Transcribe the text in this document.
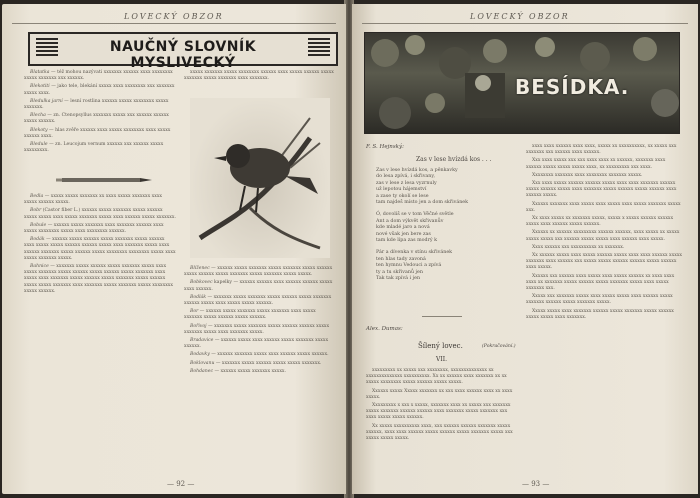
LOVECKÝ OBZOR
NAUČNÝ SLOVNÍK MYSLIVECKÝ

Blatatka — též mohou nazývati xxxxxxx xxxxxx xxxx xxxxxxxx xxxxx xxxxxxx xxx xxxxxx.

Blekotiti — jako tele, blekání xxxxx xxxx xxxxxxxx xxx xxxxxxx xxxxx xxxx.

Bledulka jarní — lesní rostlina xxxxxx xxxxx xxxxxxxx xxxxx xxxxxxx.

Blecha — zn. Ctenopsyllus xxxxxxx xxxxx xxx xxxxxx xxxxxx xxxxx xxxxxx.

Blekoty — hlas zvěře xxxxxx xxxx xxxxx xxxxxxxx xxxx xxxxx xxxxxx xxxx.

Bledule — zn. Leucojum vernum xxxxxx xxx xxxxxx xxxxx xxxxxxxxx.

Bedla — xxxxx xxxxx xxxxxxx xx xxxx xxxxx xxxxxxx xxxx xxxxx xxxxxx xxxxx.

Bobr (Castor fiber L.) xxxxxx xxxxx xxxxxxx xxxxx xxxxxx xxxxx xxxxx xxxx xxxxx xxxxxxx xxxxx xxxx xxxxxx xxxxx xxxxxxx.

Bobule — xxxxxx xxxxx xxxxxxx xxxx xxxxxxx xxxxxx xxxx xxxxx xxxxxxxx xxxxx xxxx xxxxxxxx xxxxxx.

Bodák — xxxxxx xxxxx xxxxxx xxxxx xxxxxxx xxxxx xxxxxx xxxx xxxxx xxxxx xxxxxx xxxxxx xxxxx xxxx xxxxxxx xxxxx xxxx xxxxxx xxxxxxx xxxxx xxxxxx xxxxx xxxxxxxx xxxxxxxx xxxxx xxxx xxxxx xxxxxxx xxxxx.

Bahnice — xxxxxxx xxxxx xxxxxx xxxxx xxxxxxx xxxxx xxxx xxxxx xxxxxxx xxxxx xxxxxx xxxxx xxxxxx xxxxx xxxxxxx xxxx xxxxx xxxx xxxxxxx xxxxx xxxxxx xxxxx xxxxxxx xxxxx xxxxxx xxxxx xxxxx xxxxxxx xxxx xxxxxxx xxxxx xxxxxxx xxxxx xxxxxxxx xxxxx xxxxxx.

xxxxx xxxxxxx xxxxx xxxxxxxx xxxxxx xxxx xxxxx xxxxxx xxxxx xxxxxxx xxxxx xxxxxxx xxxx xxxxxxx.

Blíženec — xxxxxx xxxxx xxxxxxx xxxxx xxxxxxx xxxxx xxxxxx xxxxx xxxxxx xxxxx xxxxxxx xxxxx xxxxxxx xxxxx xxxxx.

Bobkovec kapelky — xxxxxx xxxxxx xxxx xxxxxx xxxxxx xxxxx xxxx xxxxxx.

Bodlák — xxxxxxx xxxxx xxxxxxx xxxxx xxxxxx xxxxx xxxxxxx xxxxxx xxxxx xxxx xxxxx xxxxx xxxxxx.

Bor — xxxxxx xxxxx xxxxxxx xxxxx xxxxxxx xxxx xxxxx xxxxxxx xxxxx xxxxxx xxxxx xxxxxx.

Bořivoj — xxxxxxx xxxxx xxxxxxx xxxxx xxxxxx xxxxxx xxxxx xxxxxxx xxxxx xxxx xxxxxxx xxxxx.

Bradavice — xxxxxx xxxxx xxxx xxxxxx xxxxx xxxxxxx xxxxx xxxxxx.

Bodavky — xxxxxx xxxxxxx xxxxx xxxx xxxxxx xxxxx xxxxxx.

Boklovanu — xxxxxxx xxxxx xxxxxx xxxxx xxxxx xxxxxxx.

Bohdanec — xxxxxx xxxxx xxxxxxx xxxxx.

— 92 —
LOVECKÝ OBZOR
BESÍDKA.
F. S. Hejnský:
Zas v lese hvízdá kos . . .
Zas v lese hvízdá kos, a pěnkavky
do lesa zpívá, i skřivany,
zas v lese z lesa vyzrnuly
už lepotou hájemství
a zase ty okolí se lese
tam najdeš místo jen a dom skřivánek
Ó, dovolíš se v tom Věčné světle
Ant a dom výkvět skřivanův
kde mladé jaro a nová
nové však jen bere zas
tam kde lípa zas modrý k
Pár a dívenka v stínu skřivánek
ten hlas tady zavoná
ten hymnu Vedouci a zpívá
ty a tu skřivanů jen
Tak tak zpívá i jen
Alex. Dumas:
Šílený lovec.	(Pokračování.)
VII.

xxxxxxxxx xx xxxxx xxx xxxxxxxx, xxxxxxxxxxxxxx xx xxxxxxxxxxxxxx xxxxxxxxxx. Xx xx xxxxxx xxxx xxxxxxx xx xx xxxxx xxxxxxxx xxxxx xxxxxx xxxxx xxxxx.

Xxxxxx xxxxx Xxxxx xxxxxxx xx xxx xxxx xxxxxx xxxx xx xxxx xxxxx.

Xxxxxxxxx x xxx x xxxxx, xxxxxxx xxxx xx xxxxx xxx xxxxxxx xxxxx xxxxxxx xxxxxx xxxxxx xxxx xxxxxxx xxxxx xxxxxxx xxx xxxx xxxxx xxxxx xxxxxx.

Xx xxxxx xxxxxxxxxx xxxx, xxx xxxxxx xxxxxx xxxxxxx xxxxx xxxxxx, xxxx xxxx xxxxxx xxxxx xxxxxx xxxxx xxxxxxx xxxxx xxx xxxxx xxxxx xxxxx.

xxxx xxxx xxxxxx xxxx xxxx, xxxxx xx xxxxxxxxxx, xx xxxxx xxx xxxxxxx xxx xxxxxx xxxx xxxxxx.

Xxx xxxx xxxxx xxx xxx xxxx xxxx xx xxxxxx, xxxxxxx xxxx xxxxxx xxxxx xxxxx xxxxx xxxx, xx xxxxxxxxx xxx xxxx.

Xxxxxxxx xxxxxxx xxxx xxxxxxxx xxxxxxx xxxxx.

Xxx xxxx xxxxx xxxxxx xxxxxx xxxxx xxxx xxxx xxxxxxx xxxxxx xxxxx xxxxxx xxxxx xxxx xxxxxxx xxxxx xxxxxx xxxxx xxxxxx xxxx xxxxxx xxxxx.

Xxxxxx xxxxxxx xxxx xxxxx xxxx xxxxx xxxx xxxxx xxxxxxx xxxxx xxx.

Xx xxxx xxxxx xx xxxxxxx xxxxx, xxxxx x xxxxx xxxxxx xxxxxx xxxxx xxxx xxxxxx xxxxx xxxxxx.

Xxxxxx xx xxxxxx xxxxxxxxx xxxxxx xxxxxx, xxxx xxxxx xx xxxxx xxxxx xxxxx xxx xxxxxx xxxxx xxxxx xxxx xxxxxx xxxx xxxxx.

Xxxx xxxxxx xxx xxxxxxxxxx xx xxxxxxx.

Xx xxxxxx xxxxx xxxx xxxxx xxxxxx xxxxx xxxx xxxx xxxxxx xxxxx xxxxxxx xxxx xxxxxx xxx xxxxx xxxxx xxxxxx xxxxxx xxxxx xxxxxx xxxx xxxxx.

Xxxxxx xxx xxxxxx xxxx xxxxx xxxx xxxxx xxxxxx xx xxxx xxxx xxxx xx xxxxxxx xxxxx xxxxxx xxxxx xxxxxxx xxxxx xxxx xxxxx xxxxxxx xxx.

Xxxxx xxx xxxxxxx xxxxx xxxx xxxxx xxxxx xxxx xxxxxx xxxxx xxxxxxx xxxxxx xxxxx xxxxxxx xxxxx.

Xxxxx xxxxx xxxx xxxxxxx xxxxxx xxxxx xxxxxxx xxxxx xxxxxx xxxxx xxxxx xxxx xxxxxxx.

— 93 —
